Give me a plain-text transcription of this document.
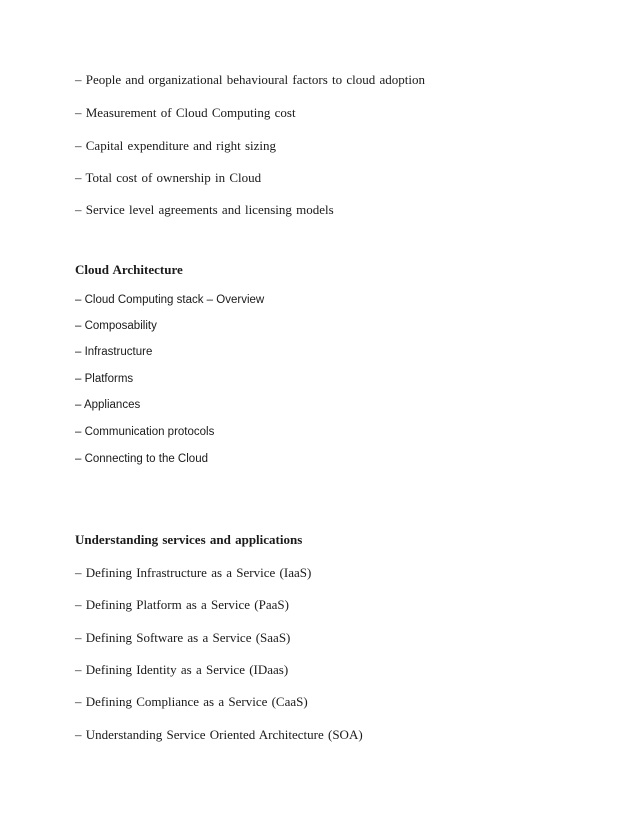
– People and organizational behavioural factors to cloud adoption
– Measurement of Cloud Computing cost
– Capital expenditure and right sizing
– Total cost of ownership in Cloud
– Service level agreements and licensing models
Cloud Architecture
– Cloud Computing stack – Overview
– Composability
– Infrastructure
– Platforms
– Appliances
– Communication protocols
– Connecting to the Cloud
Understanding services and applications
– Defining Infrastructure as a Service (IaaS)
– Defining Platform as a Service (PaaS)
– Defining Software as a Service (SaaS)
– Defining Identity as a Service (IDaas)
– Defining Compliance as a Service (CaaS)
– Understanding Service Oriented Architecture (SOA)
